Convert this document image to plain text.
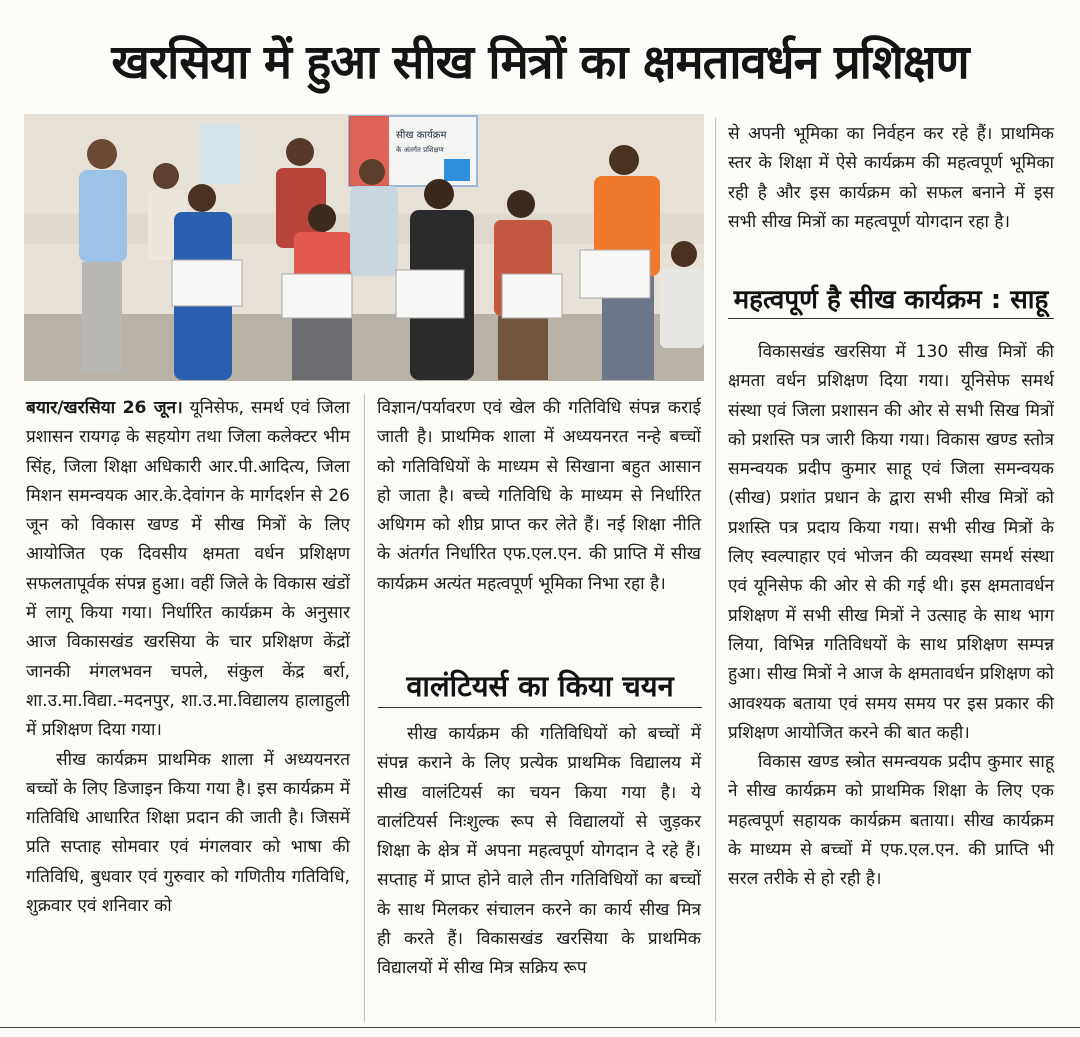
खरसिया में हुआ सीख मित्रों का क्षमतावर्धन प्रशिक्षण
सीख कार्यक्रम
के अंतर्गत प्रशिक्षण

बयार/खरसिया 26 जून। यूनिसेफ, समर्थ एवं जिला प्रशासन रायगढ़ के सहयोग तथा जिला कलेक्टर भीम सिंह, जिला शिक्षा अधिकारी आर.पी.आदित्य, जिला मिशन समन्वयक आर.के.देवांगन के मार्गदर्शन से 26 जून को विकास खण्ड में सीख मित्रों के लिए आयोजित एक दिवसीय क्षमता वर्धन प्रशिक्षण सफलतापूर्वक संपन्न हुआ। वहीं जिले के विकास खंडों में लागू किया गया। निर्धारित कार्यक्रम के अनुसार आज विकासखंड खरसिया के चार प्रशिक्षण केंद्रों जानकी मंगलभवन चपले, संकुल केंद्र बर्रा, शा.उ.मा.विद्या.-मदनपुर, शा.उ.मा.विद्यालय हालाहुली में प्रशिक्षण दिया गया।

सीख कार्यक्रम प्राथमिक शाला में अध्ययनरत बच्चों के लिए डिजाइन किया गया है। इस कार्यक्रम में गतिविधि आधारित शिक्षा प्रदान की जाती है। जिसमें प्रति सप्ताह सोमवार एवं मंगलवार को भाषा की गतिविधि, बुधवार एवं गुरुवार को गणितीय गतिविधि, शुक्रवार एवं शनिवार को

विज्ञान/पर्यावरण एवं खेल की गतिविधि संपन्न कराई जाती है। प्राथमिक शाला में अध्ययनरत नन्हे बच्चों को गतिविधियों के माध्यम से सिखाना बहुत आसान हो जाता है। बच्चे गतिविधि के माध्यम से निर्धारित अधिगम को शीघ्र प्राप्त कर लेते हैं। नई शिक्षा नीति के अंतर्गत निर्धारित एफ.एल.एन. की प्राप्ति में सीख कार्यक्रम अत्यंत महत्वपूर्ण भूमिका निभा रहा है।

वालंटियर्स का किया चयन

सीख कार्यक्रम की गतिविधियों को बच्चों में संपन्न कराने के लिए प्रत्येक प्राथमिक विद्यालय में सीख वालंटियर्स का चयन किया गया है। ये वालंटियर्स निःशुल्क रूप से विद्यालयों से जुड़कर शिक्षा के क्षेत्र में अपना महत्वपूर्ण योगदान दे रहे हैं। सप्ताह में प्राप्त होने वाले तीन गतिविधियों का बच्चों के साथ मिलकर संचालन करने का कार्य सीख मित्र ही करते हैं। विकासखंड खरसिया के प्राथमिक विद्यालयों में सीख मित्र सक्रिय रूप

से अपनी भूमिका का निर्वहन कर रहे हैं। प्राथमिक स्तर के शिक्षा में ऐसे कार्यक्रम की महत्वपूर्ण भूमिका रही है और इस कार्यक्रम को सफल बनाने में इस सभी सीख मित्रों का महत्वपूर्ण योगदान रहा है।

महत्वपूर्ण है सीख कार्यक्रम : साहू

विकासखंड खरसिया में 130 सीख मित्रों की क्षमता वर्धन प्रशिक्षण दिया गया। यूनिसेफ समर्थ संस्था एवं जिला प्रशासन की ओर से सभी सिख मित्रों को प्रशस्ति पत्र जारी किया गया। विकास खण्ड स्तोत्र समन्वयक प्रदीप कुमार साहू एवं जिला समन्वयक (सीख) प्रशांत प्रधान के द्वारा सभी सीख मित्रों को प्रशस्ति पत्र प्रदाय किया गया। सभी सीख मित्रों के लिए स्वल्पाहार एवं भोजन की व्यवस्था समर्थ संस्था एवं यूनिसेफ की ओर से की गई थी। इस क्षमतावर्धन प्रशिक्षण में सभी सीख मित्रों ने उत्साह के साथ भाग लिया, विभिन्न गतिविधयों के साथ प्रशिक्षण सम्पन्न हुआ। सीख मित्रों ने आज के क्षमतावर्धन प्रशिक्षण को आवश्यक बताया एवं समय समय पर इस प्रकार की प्रशिक्षण आयोजित करने की बात कही।

विकास खण्ड स्त्रोत समन्वयक प्रदीप कुमार साहू ने सीख कार्यक्रम को प्राथमिक शिक्षा के लिए एक महत्वपूर्ण सहायक कार्यक्रम बताया। सीख कार्यक्रम के माध्यम से बच्चों में एफ.एल.एन. की प्राप्ति भी सरल तरीके से हो रही है।
